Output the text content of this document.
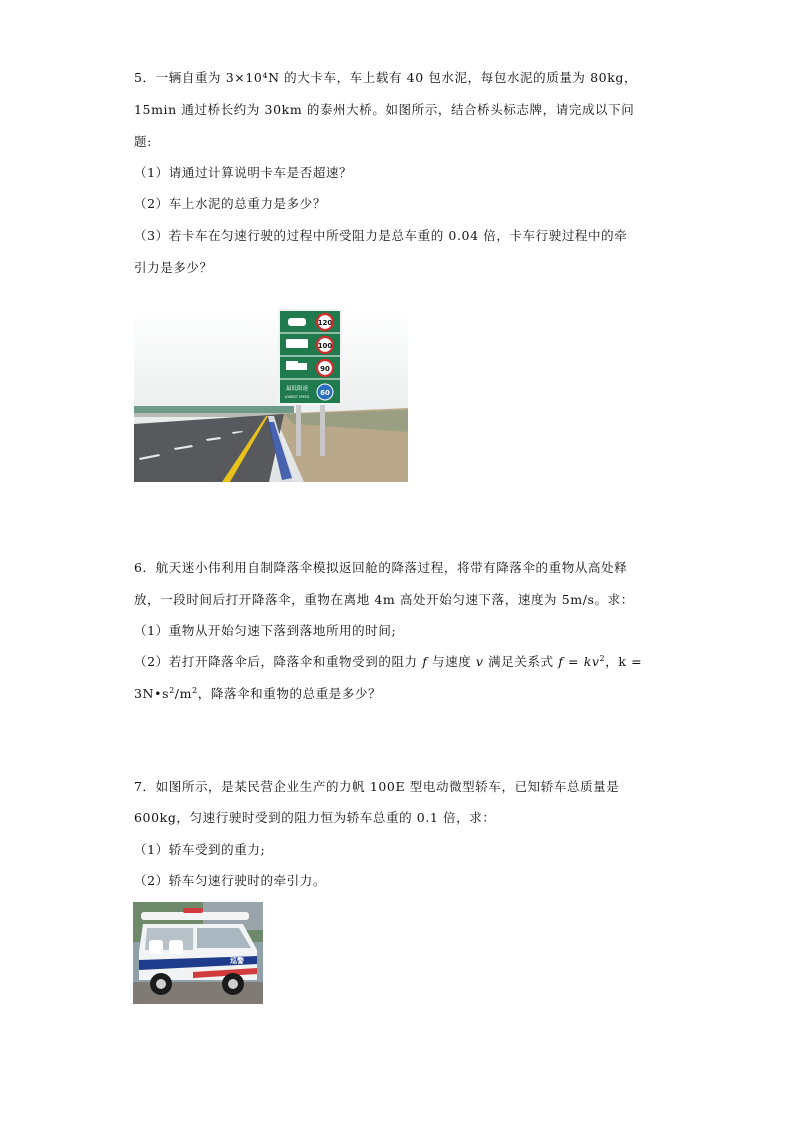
5．一辆自重为 3×10⁴N 的大卡车，车上载有 40 包水泥，每包水泥的质量为 80kg，
15min 通过桥长约为 30km 的泰州大桥。如图所示，结合桥头标志牌，请完成以下问
题:
（1）请通过计算说明卡车是否超速？
（2）车上水泥的总重力是多少？
（3）若卡车在匀速行驶的过程中所受阻力是总车重的 0.04 倍，卡车行驶过程中的牵
引力是多少？
120
100
90
60
最低限速
LOWEST SPEED
6．航天迷小伟利用自制降落伞模拟返回舱的降落过程，将带有降落伞的重物从高处释
放，一段时间后打开降落伞，重物在离地 4m 高处开始匀速下落，速度为 5m/s。求：
（1）重物从开始匀速下落到落地所用的时间;
（2）若打开降落伞后，降落伞和重物受到的阻力 f 与速度 v 满足关系式 $f = kv^2$，k =
$3N•s^2/m^2$，降落伞和重物的总重是多少？
7．如图所示，是某民营企业生产的力帆 100E 型电动微型轿车，已知轿车总质量是
600kg，匀速行驶时受到的阻力恒为轿车总重的 0.1 倍，求：
（1）轿车受到的重力;
（2）轿车匀速行驶时的牵引力。
巡警
